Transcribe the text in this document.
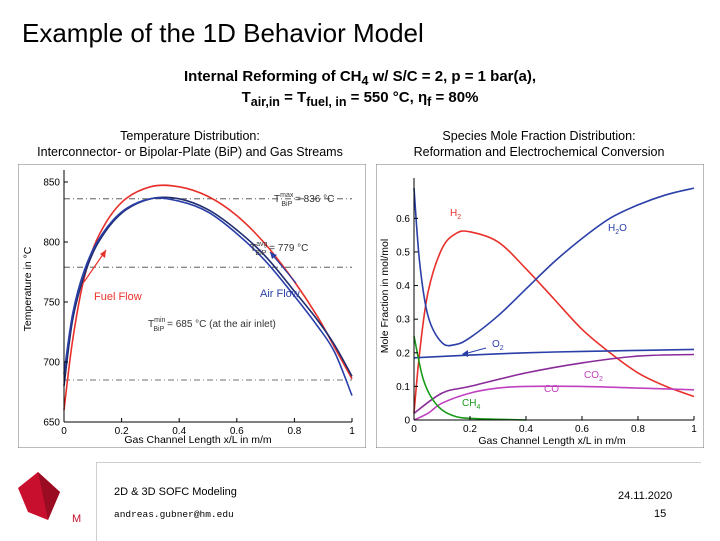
Example of the 1D Behavior Model
Internal Reforming of $CH_4$ w/ S/C = 2, p = 1 bar(a),
$T_{air,in} = T_{fuel, in} = 550$ °C, $\eta_f = 80\%$
Temperature Distribution:
Interconnector- or Bipolar-Plate (BiP) and Gas Streams
Species Mole Fraction Distribution:
Reformation and Electrochemical Conversion
0	0.2	0.4	0.6	0.8	1
650
700
750
800
850
$T^{max}$ BiP = 836 °C
$T^{avg}$ BiP = 779 °C
$T^{min}$ BiP = 685 °C (at the air inlet)
Fuel Flow	Air Flow
Gas Channel Length x/L in m/m
Temperature in °C
0	0.2	0.4	0.6	0.8	1
0
0.1
0.2
0.3
0.4
0.5
0.6
$H_2$
$H_2O$
$O_2$
$CO_2$
CO
$CH_4$
Gas Channel Length x/L in m/m
Mole Fraction in mol/mol
M
2D & 3D SOFC Modeling
andreas.gubner@hm.edu
24.11.2020
15
